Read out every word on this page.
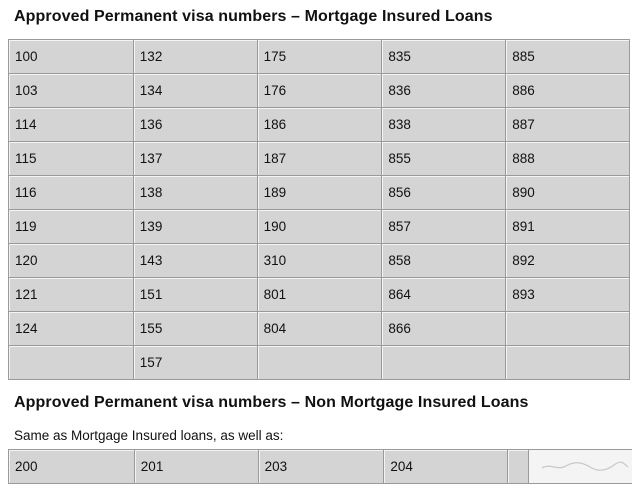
Approved Permanent visa numbers – Mortgage Insured Loans
100	132	175	835	885
103	134	176	836	886
114	136	186	838	887
115	137	187	855	888
116	138	189	856	890
119	139	190	857	891
120	143	310	858	892
121	151	801	864	893
124	155	804	866	
	157			
Approved Permanent visa numbers – Non Mortgage Insured Loans
Same as Mortgage Insured loans, as well as:
200	201	203	204		
